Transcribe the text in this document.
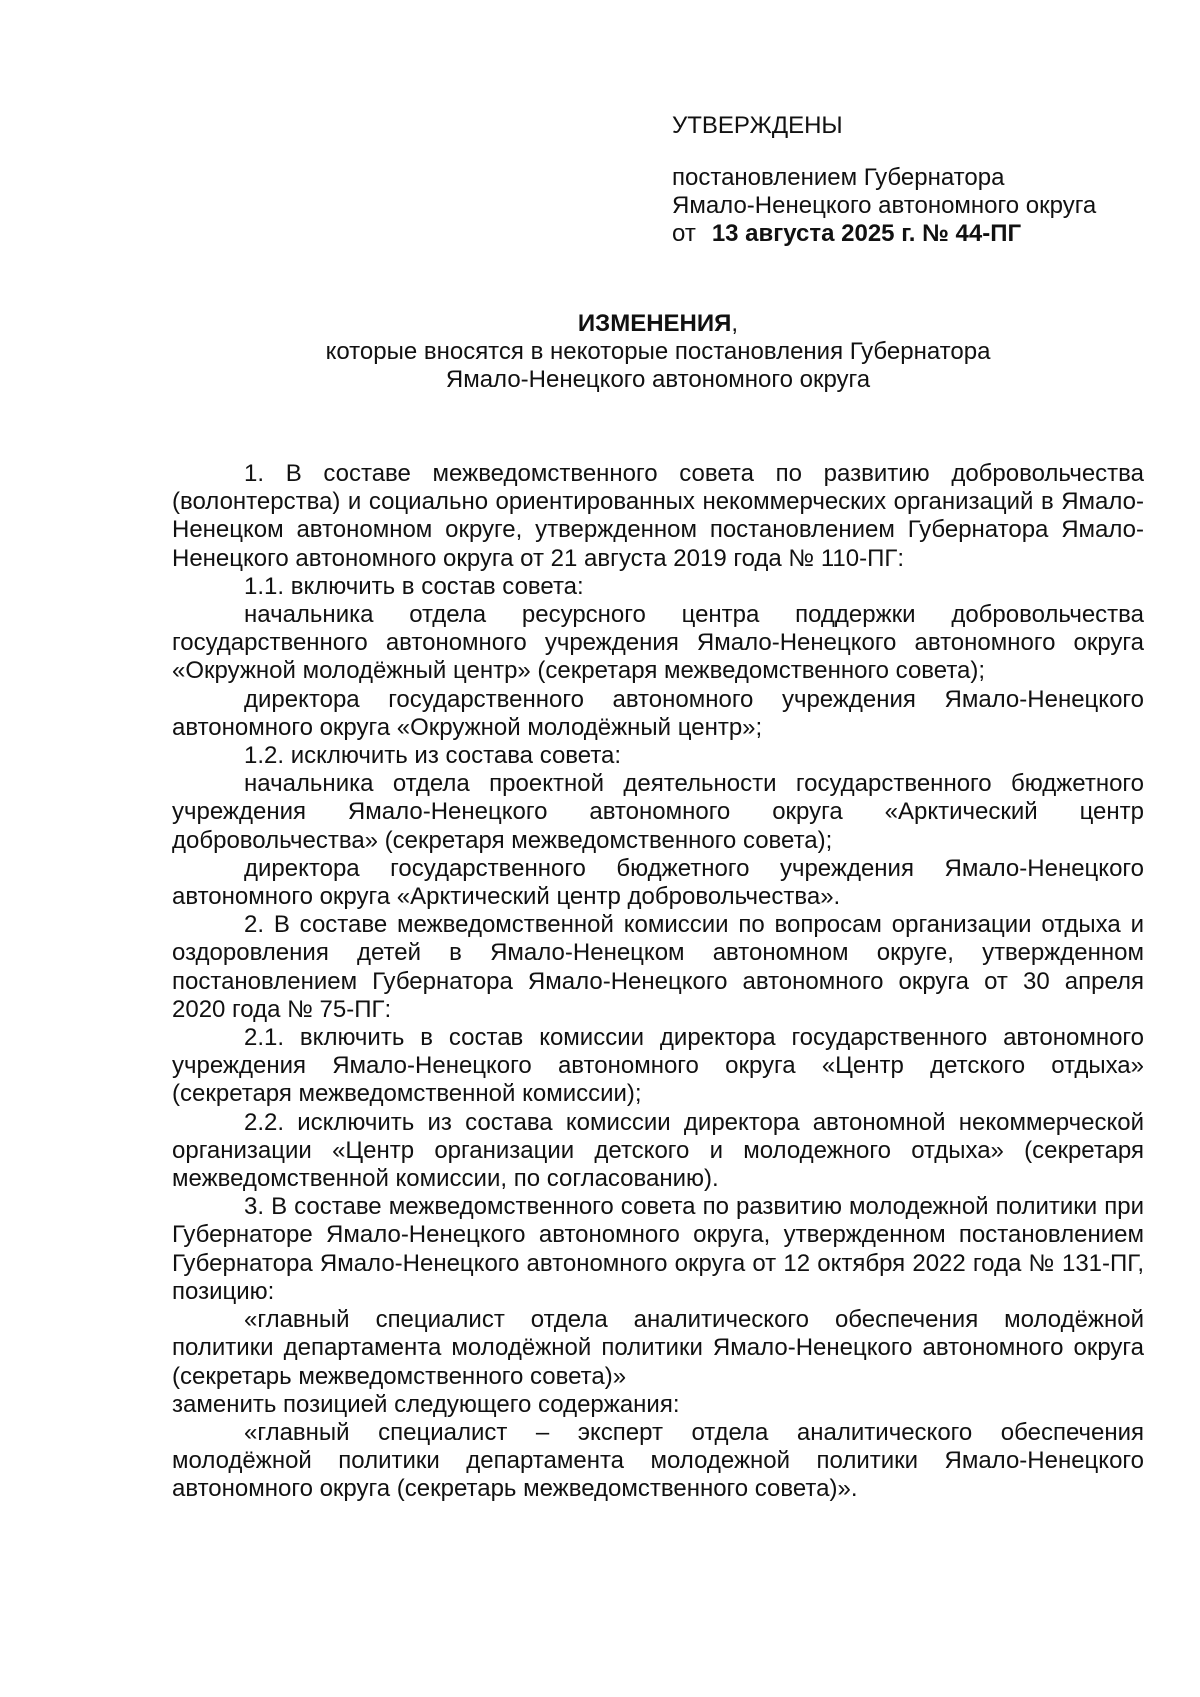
УТВЕРЖДЕНЫ

постановлением Губернатора

Ямало-Ненецкого автономного округа

от 13 августа 2025 г. № 44-ПГ

ИЗМЕНЕНИЯ,

которые вносятся в некоторые постановления Губернатора

Ямало-Ненецкого автономного округа

1. В составе межведомственного совета по развитию добровольчества (волонтерства) и социально ориентированных некоммерческих организаций в Ямало-Ненецком автономном округе, утвержденном постановлением Губернатора Ямало-Ненецкого автономного округа от 21 августа 2019 года № 110-ПГ:

1.1. включить в состав совета:

начальника отдела ресурсного центра поддержки добровольчества государственного автономного учреждения Ямало-Ненецкого автономного округа «Окружной молодёжный центр» (секретаря межведомственного совета);

директора государственного автономного учреждения Ямало-Ненецкого автономного округа «Окружной молодёжный центр»;

1.2. исключить из состава совета:

начальника отдела проектной деятельности государственного бюджетного учреждения Ямало-Ненецкого автономного округа «Арктический центр добровольчества» (секретаря межведомственного совета);

директора государственного бюджетного учреждения Ямало-Ненецкого автономного округа «Арктический центр добровольчества».

2. В составе межведомственной комиссии по вопросам организации отдыха и оздоровления детей в Ямало-Ненецком автономном округе, утвержденном постановлением Губернатора Ямало-Ненецкого автономного округа от 30 апреля 2020 года № 75-ПГ:

2.1. включить в состав комиссии директора государственного автономного учреждения Ямало-Ненецкого автономного округа «Центр детского отдыха» (секретаря межведомственной комиссии);

2.2. исключить из состава комиссии директора автономной некоммерческой организации «Центр организации детского и молодежного отдыха» (секретаря межведомственной комиссии, по согласованию).

3. В составе межведомственного совета по развитию молодежной политики при Губернаторе Ямало-Ненецкого автономного округа, утвержденном постановлением Губернатора Ямало-Ненецкого автономного округа от 12 октября 2022 года № 131-ПГ, позицию:

«главный специалист отдела аналитического обеспечения молодёжной политики департамента молодёжной политики Ямало-Ненецкого автономного округа (секретарь межведомственного совета)»

заменить позицией следующего содержания:

«главный специалист – эксперт отдела аналитического обеспечения молодёжной политики департамента молодежной политики Ямало-Ненецкого автономного округа (секретарь межведомственного совета)».
